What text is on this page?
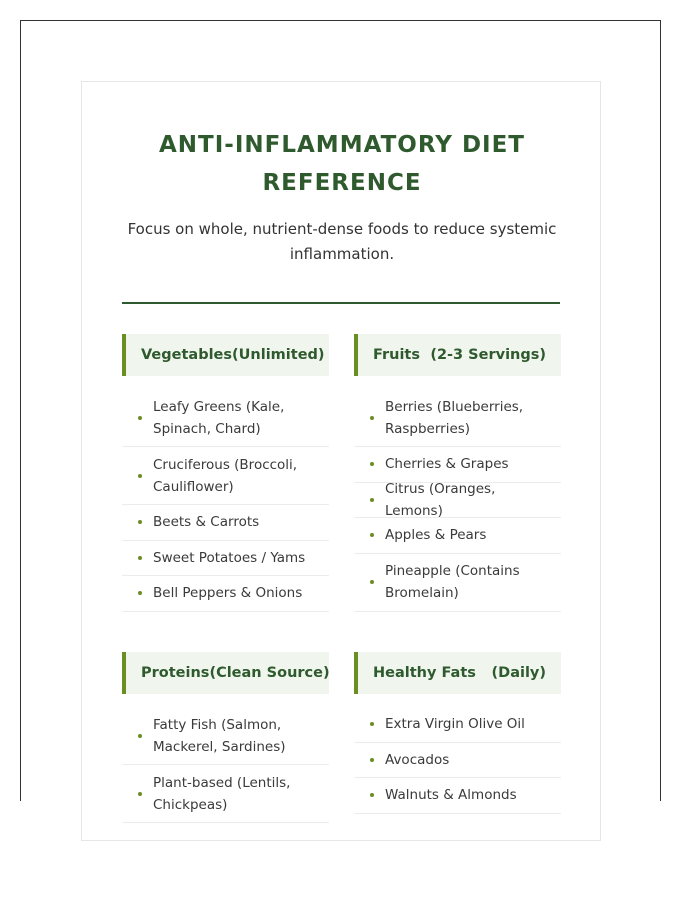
ANTI-INFLAMMATORY DIET REFERENCE

Focus on whole, nutrient-dense foods to reduce systemic inflammation.

Vegetables (Unlimited)
Leafy Greens (Kale, Spinach, Chard)
Cruciferous (Broccoli, Cauliflower)
Beets & Carrots
Sweet Potatoes / Yams
Bell Peppers & Onions
Fruits (2-3 Servings)
Berries (Blueberries, Raspberries)
Cherries & Grapes
Citrus (Oranges, Lemons)
Apples & Pears
Pineapple (Contains Bromelain)
Proteins (Clean Source)
Fatty Fish (Salmon, Mackerel, Sardines)
Plant-based (Lentils, Chickpeas)
Healthy Fats (Daily)
Extra Virgin Olive Oil
Avocados
Walnuts & Almonds
